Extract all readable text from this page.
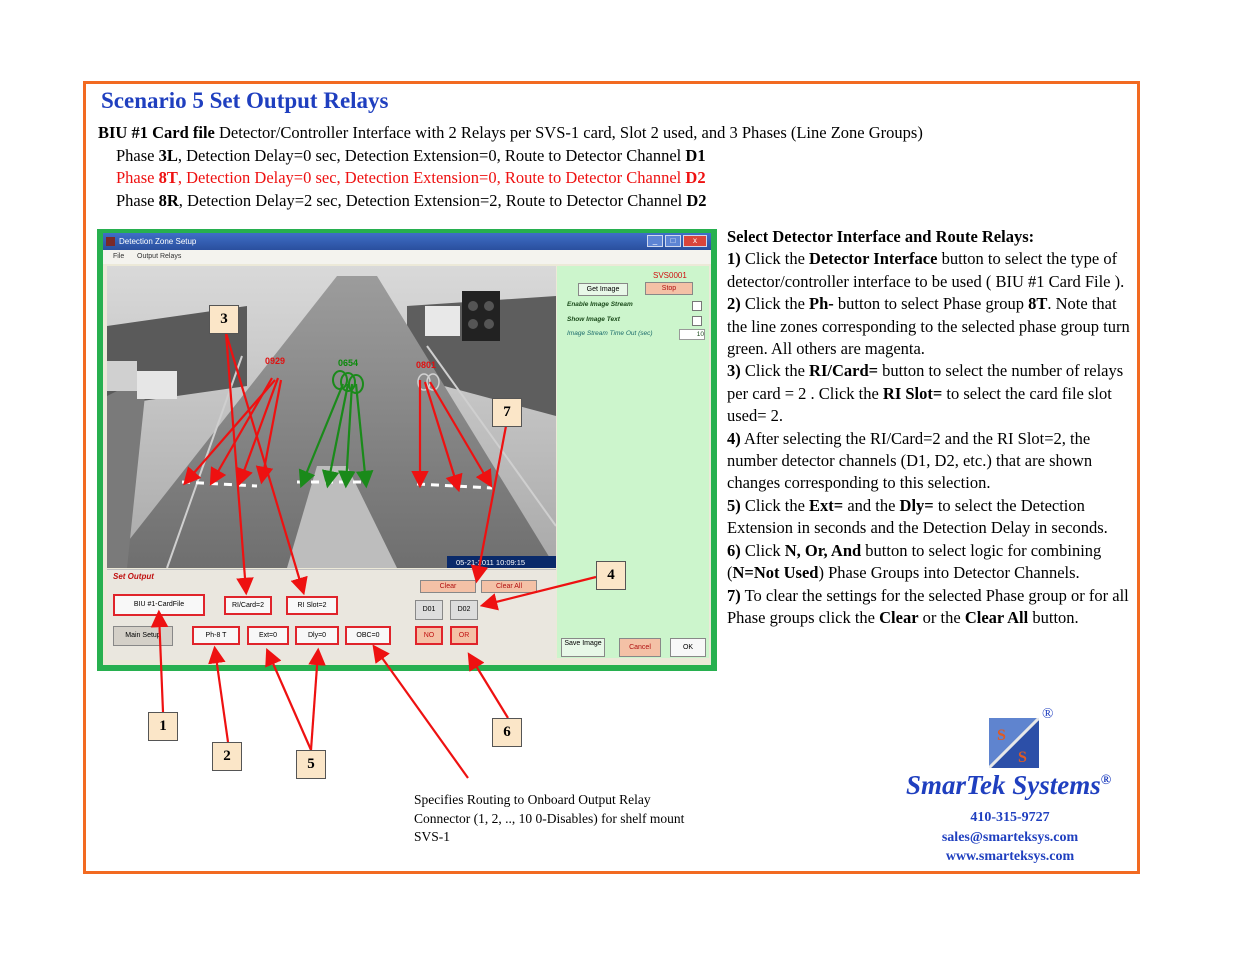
Scenario 5 Set Output Relays
BIU #1 Card file Detector/Controller Interface with 2 Relays per SVS-1 card, Slot 2 used, and 3 Phases (Line Zone Groups)
Phase 3L, Detection Delay=0 sec, Detection Extension=0, Route to Detector Channel D1
Phase 8T, Detection Delay=0 sec, Detection Extension=0, Route to Detector Channel D2
Phase 8R, Detection Delay=2 sec, Detection Extension=2, Route to Detector Channel D2
Detection Zone Setup	_	□	x
File Output Relays
0929	0654	0801
05-21-2011 10:09:15
SVS0001
Get Image	Stop
Enable Image Stream
Show Image Text
Image Stream Time Out (sec)	10
Save Image
Cancel	OK
Set Output
Clear	Clear All
BIU #1-CardFile	RI/Card=2	RI Slot=2
D01	D02
Main Setup	Ph-8 T	Ext=0	Dly=0	OBC=0	NO	OR
1
2
3
4
5
6
7
Specifies Routing to Onboard Output Relay Connector (1, 2, .., 10 0-Disables) for shelf mount SVS-1

Select Detector Interface and Route Relays:

1) Click the Detector Interface button to select the type of detector/controller interface to be used ( BIU #1 Card File ).

2) Click the Ph- button to select Phase group 8T. Note that the line zones corresponding to the selected phase group turn green. All others are magenta.

3) Click the RI/Card= button to select the number of relays per card = 2 . Click the RI Slot= to select the card file slot used= 2.

4) After selecting the RI/Card=2 and the RI Slot=2, the number detector channels (D1, D2, etc.) that are shown changes corresponding to this selection.

5) Click the Ext= and the Dly= to select the Detection Extension in seconds and the Detection Delay in seconds.

6) Click N, Or, And button to select logic for combining (N=Not Used) Phase Groups into Detector Channels.

7) To clear the settings for the selected Phase group or for all Phase groups click the Clear or the Clear All button.

S
S
®
SmarTek Systems®
410-315-9727
sales@smarteksys.com
www.smarteksys.com
